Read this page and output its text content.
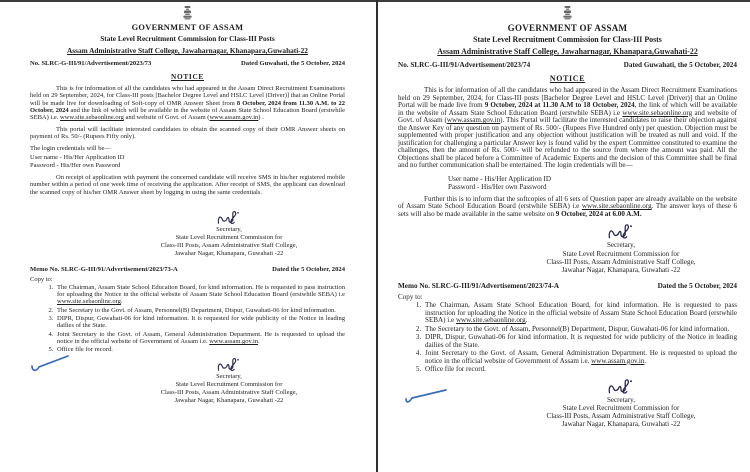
GOVERNMENT OF ASSAM
State Level Recruitment Commission for Class-III Posts
Assam Administrative Staff College, Jawaharnagar, Khanapara,Guwahati-22
No. SLRC-G-III/91/Advertisement/2023/73	Dated Guwahati, the 5 October, 2024
NOTICE

This is for information of all the candidates who had appeared in the Assam Direct Recruitment Examinations held on 29 September, 2024, for Class-III posts [Bachelor Degree Level and HSLC Level (Driver)] that an Online Portal will be made live for downloading of Soft-copy of OMR Answer Sheet from 8 October, 2024 from 11.30 A.M. to 22 October, 2024 and the link of which will be available in the website of Assam State School Education Board (erstwhile SEBA) i.e. www.site.sebaonline.org and website of Govt. of Assam (www.assam.gov.in) .

This portal will facilitate interested candidates to obtain the scanned copy of their OMR Answer sheets on payment of Rs. 50/- (Rupees Fifty only).

The login credentials will be—
User name - His/Her Application ID
Password - His/Her own Password

On receipt of application with payment the concerned candidate will receive SMS in his/her registered mobile number within a period of one week time of receiving the application. After receipt of SMS, the applicant can download the scanned copy of his/her OMR Answer sheet by logging in using the same credentials.

Secretary,
State Level Recruitment Commission for
Class-III Posts, Assam Administrative Staff College,
Jawahar Nagar, Khanapara, Guwahati -22
Memo No. SLRC-G-III/91/Advertisement/2023/73-A	Dated the 5 October, 2024
Copy to:
1. The Chairman, Assam State School Education Board, for kind information. He is requested to pass instruction for uploading the Notice in the official website of Assam State School Education Board (erstwhile SEBA) i.e www.site.sebaonline.org.
2. The Secretary to the Govt. of Assam, Personnel(B) Department, Dispur, Guwahati-06 for kind information.
3. DIPR, Dispur, Guwahati-06 for kind information. It is requested for wide publicity of the Notice in leading dailies of the State.
4. Joint Secretary to the Govt. of Assam, General Administration Department. He is requested to upload the notice in the official website of Government of Assam i.e. www.assam.gov.in.
5. Office file for record.
Secretary,
State Level Recruitment Commission for
Class-III Posts, Assam Administrative Staff College,
Jawahar Nagar, Khanapara, Guwahati -22
GOVERNMENT OF ASSAM
State Level Recruitment Commission for Class-III Posts
Assam Administrative Staff College, Jawaharnagar, Khanapara,Guwahati-22
No. SLRC-G-III/91/Advertisement/2023/74	Dated Guwahati, the 5 October, 2024
NOTICE

This is for information of all the candidates who had appeared in the Assam Direct Recruitment Examinations held on 29 September, 2024, for Class-III posts [Bachelor Degree Level and HSLC Level (Driver)] that an Online Portal will be made live from 9 October, 2024 at 11.30 A.M to 18 October, 2024, the link of which will be available in the website of Assam State School Education Board (erstwhile SEBA) i.e www.site.sebaonline.org and website of Govt. of Assam (www.assam.gov.in). This Portal will facilitate the interested candidates to raise their objection against the Answer Key of any question on payment of Rs. 500/- (Rupees Five Hundred only) per question. Objection must be supplemented with proper justification and any objection without justification will be treated as null and void. If the justification for challenging a particular Answer key is found valid by the expert Committee constituted to examine the challenges, then the amount of Rs. 500/- will be refunded to the source from where the amount was paid. All the Objections shall be placed before a Committee of Academic Experts and the decision of this Committee shall be final and no further communication shall be entertained. The login credentials will be—

User name - His/Her Application ID
Password - His/Her own Password

Further this is to inform that the softcopies of all 6 sets of Question paper are already available on the website of Assam State School Education Board (erstwhile SEBA) i.e www.site.sebaonline.org. The answer keys of these 6 sets will also be made available in the same website on 9 October, 2024 at 6.00 A.M.

Secretary,
State Level Recruitment Commission for
Class-III Posts, Assam Administrative Staff College,
Jawahar Nagar, Khanapara, Guwahati -22
Memo No. SLRC-G-III/91/Advertisement/2023/74-A	Dated the 5 October, 2024
Copy to:
1. The Chairman, Assam State School Education Board, for kind information. He is requested to pass instruction for uploading the Notice in the official website of Assam State School Education Board (erstwhile SEBA) i.e www.site.sebaonline.org.
2. The Secretary to the Govt. of Assam, Personnel(B) Department, Dispur, Guwahati-06 for kind information.
3. DIPR, Dispur, Guwahati-06 for kind information. It is requested for wide publicity of the Notice in leading dailies of the State.
4. Joint Secretary to the Govt. of Assam, General Administration Department. He is requested to upload the notice in the official website of Government of Assam i.e. www.assam.gov.in.
5. Office file for record.
Secretary,
State Level Recruitment Commission for
Class-III Posts, Assam Administrative Staff College,
Jawahar Nagar, Khanapara, Guwahati -22
